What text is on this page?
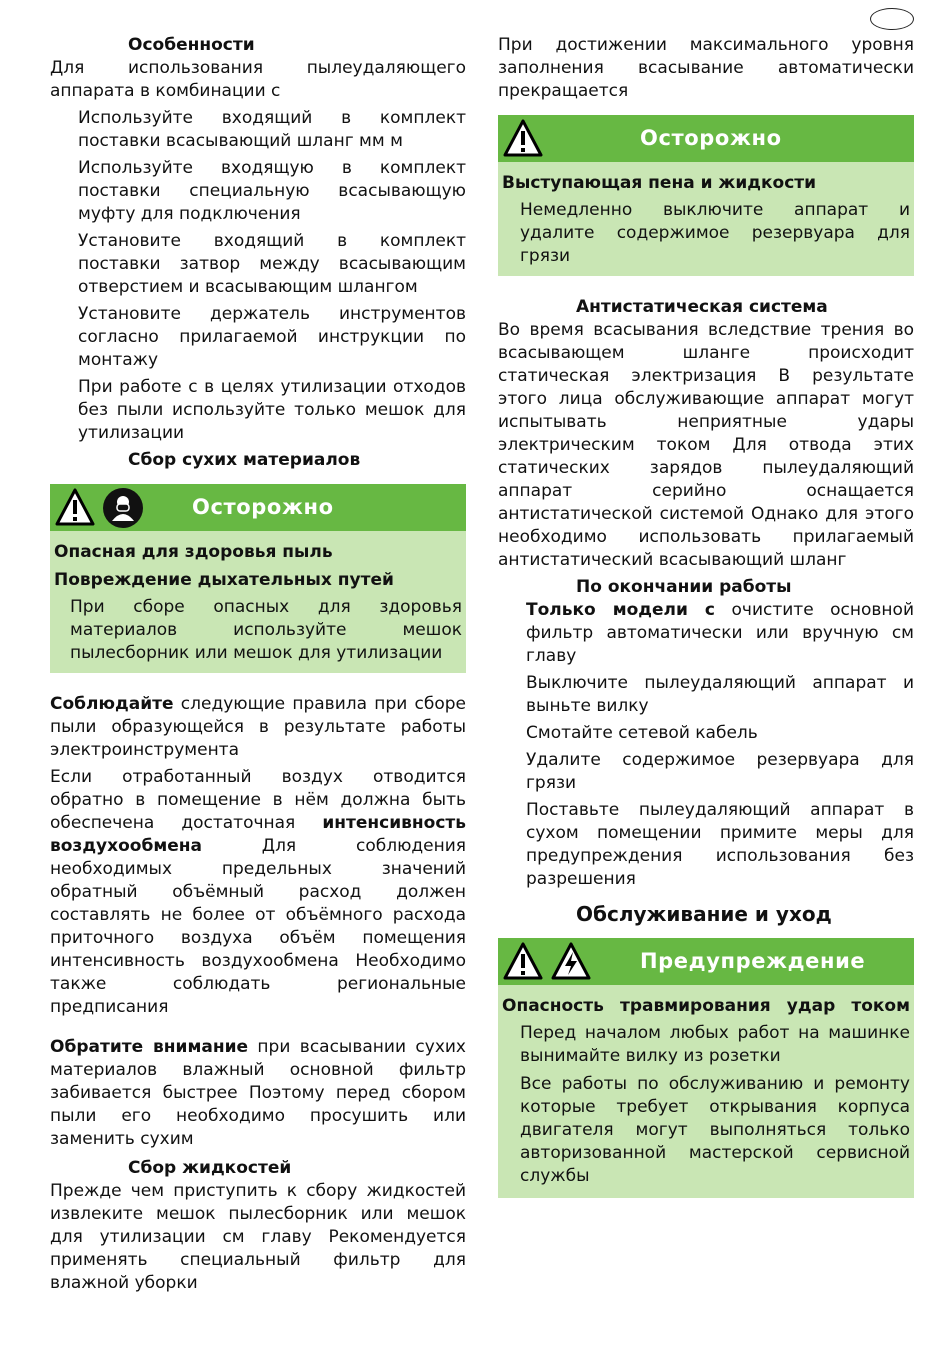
Особенности

Для использования пылеудаляющего аппарата в комбинации с

Используйте входящий в комплект поставки всасывающий шланг мм м

Используйте входящую в комплект поставки специальную всасывающую муфту для подключения

Установите входящий в комплект поставки затвор между всасывающим отверстием и всасывающим шлангом

Установите держатель инструментов согласно прилагаемой инструкции по монтажу

При работе с в целях утилизации отходов без пыли используйте только мешок для утилизации

Сбор сухих материалов

Осторожно

Опасная для здоровья пыль

Повреждение дыхательных путей

При сборе опасных для здоровья материалов используйте мешок пылесборник или мешок для утилизации

Соблюдайте следующие правила при сборе пыли образующейся в результате работы электроинструмента

Если отработанный воздух отводится обратно в помещение в нём должна быть обеспечена достаточная интенсивность воздухообмена Для соблюдения необходимых предельных значений обратный объёмный расход должен составлять не более от объёмного расхода приточного воздуха объём помещения интенсивность воздухообмена Необходимо также соблюдать региональные предписания

Обратите внимание при всасывании сухих материалов влажный основной фильтр забивается быстрее Поэтому перед сбором пыли его необходимо просушить или заменить сухим

Сбор жидкостей

Прежде чем приступить к сбору жидкостей извлеките мешок пылесборник или мешок для утилизации см главу Рекомендуется применять специальный фильтр для влажной уборки

При достижении максимального уровня заполнения всасывание автоматически прекращается

Осторожно

Выступающая пена и жидкости

Немедленно выключите аппарат и удалите содержимое резервуара для грязи

Антистатическая система

Во время всасывания вследствие трения во всасывающем шланге происходит статическая электризация В результате этого лица обслуживающие аппарат могут испытывать неприятные удары электрическим током Для отвода этих статических зарядов пылеудаляющий аппарат серийно оснащается антистатической системой Однако для этого необходимо использовать прилагаемый антистатический всасывающий шланг

По окончании работы

Только модели с очистите основной фильтр автоматически или вручную см главу

Выключите пылеудаляющий аппарат и выньте вилку

Смотайте сетевой кабель

Удалите содержимое резервуара для грязи

Поставьте пылеудаляющий аппарат в сухом помещении примите меры для предупреждения использования без разрешения

Обслуживание и уход

Предупреждение

Опасность травмирования удар током

Перед началом любых работ на машинке вынимайте вилку из розетки

Все работы по обслуживанию и ремонту которые требует открывания корпуса двигателя могут выполняться только авторизованной мастерской сервисной службы
